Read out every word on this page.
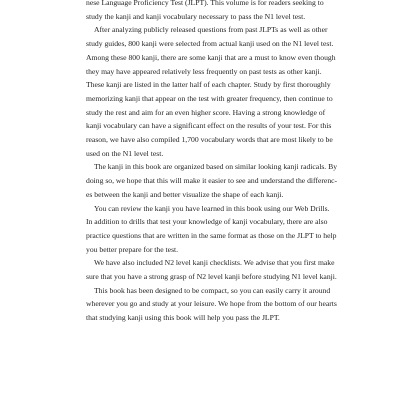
nese Language Proficiency Test (JLPT). This volume is for readers seeking to
study the kanji and kanji vocabulary necessary to pass the N1 level test.
After analyzing publicly released questions from past JLPTs as well as other
study guides, 800 kanji were selected from actual kanji used on the N1 level test.
Among these 800 kanji, there are some kanji that are a must to know even though
they may have appeared relatively less frequently on past tests as other kanji.
These kanji are listed in the latter half of each chapter. Study by first thoroughly
memorizing kanji that appear on the test with greater frequency, then continue to
study the rest and aim for an even higher score. Having a strong knowledge of
kanji vocabulary can have a significant effect on the results of your test. For this
reason, we have also compiled 1,700 vocabulary words that are most likely to be
used on the N1 level test.
The kanji in this book are organized based on similar looking kanji radicals. By
doing so, we hope that this will make it easier to see and understand the differenc-
es between the kanji and better visualize the shape of each kanji.
You can review the kanji you have learned in this book using our Web Drills.
In addition to drills that test your knowledge of kanji vocabulary, there are also
practice questions that are written in the same format as those on the JLPT to help
you better prepare for the test.
We have also included N2 level kanji checklists. We advise that you first make
sure that you have a strong grasp of N2 level kanji before studying N1 level kanji.
This book has been designed to be compact, so you can easily carry it around
wherever you go and study at your leisure. We hope from the bottom of our hearts
that studying kanji using this book will help you pass the JLPT.
